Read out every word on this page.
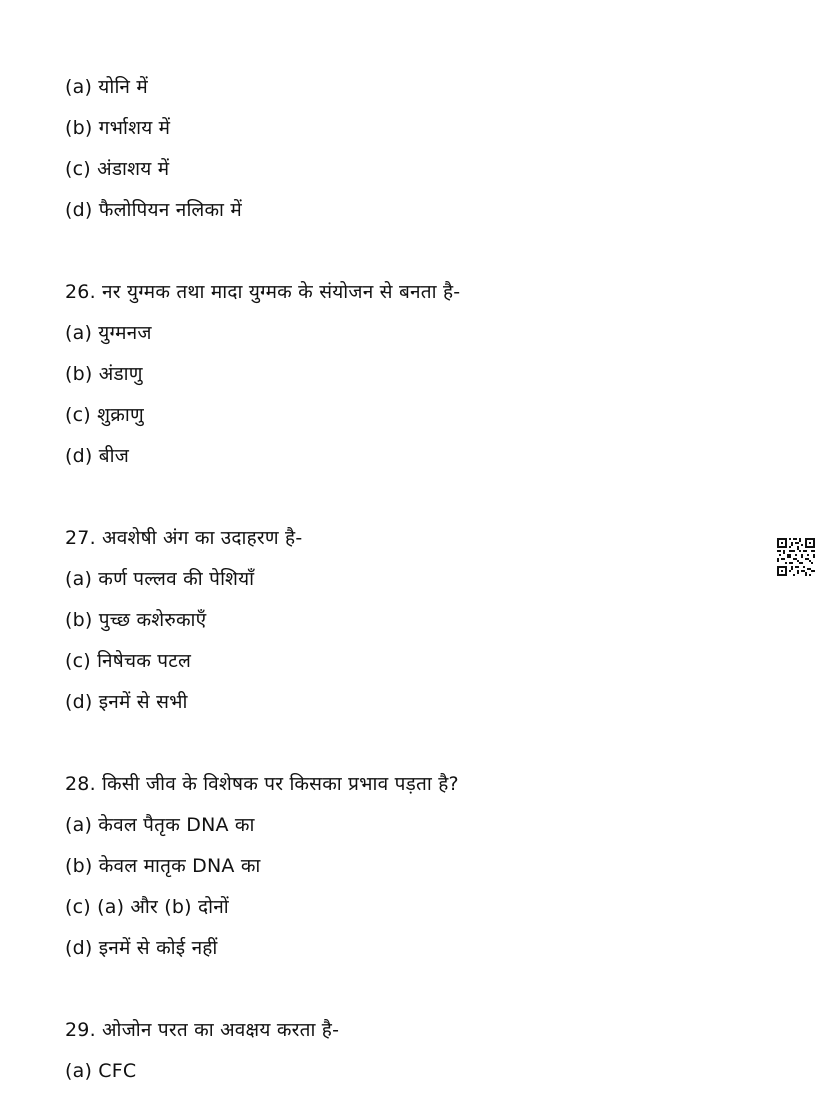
(a) योनि में
(b) गर्भाशय में
(c) अंडाशय में
(d) फैलोपियन नलिका में
26. नर युग्मक तथा मादा युग्मक के संयोजन से बनता है-
(a) युग्मनज
(b) अंडाणु
(c) शुक्राणु
(d) बीज
27. अवशेषी अंग का उदाहरण है-
(a) कर्ण पल्लव की पेशियाँ
(b) पुच्छ कशेरुकाएँ
(c) निषेचक पटल
(d) इनमें से सभी
28. किसी जीव के विशेषक पर किसका प्रभाव पड़ता है?
(a) केवल पैतृक DNA का
(b) केवल मातृक DNA का
(c) (a) और (b) दोनों
(d) इनमें से कोई नहीं
29. ओजोन परत का अवक्षय करता है-
(a) CFC
